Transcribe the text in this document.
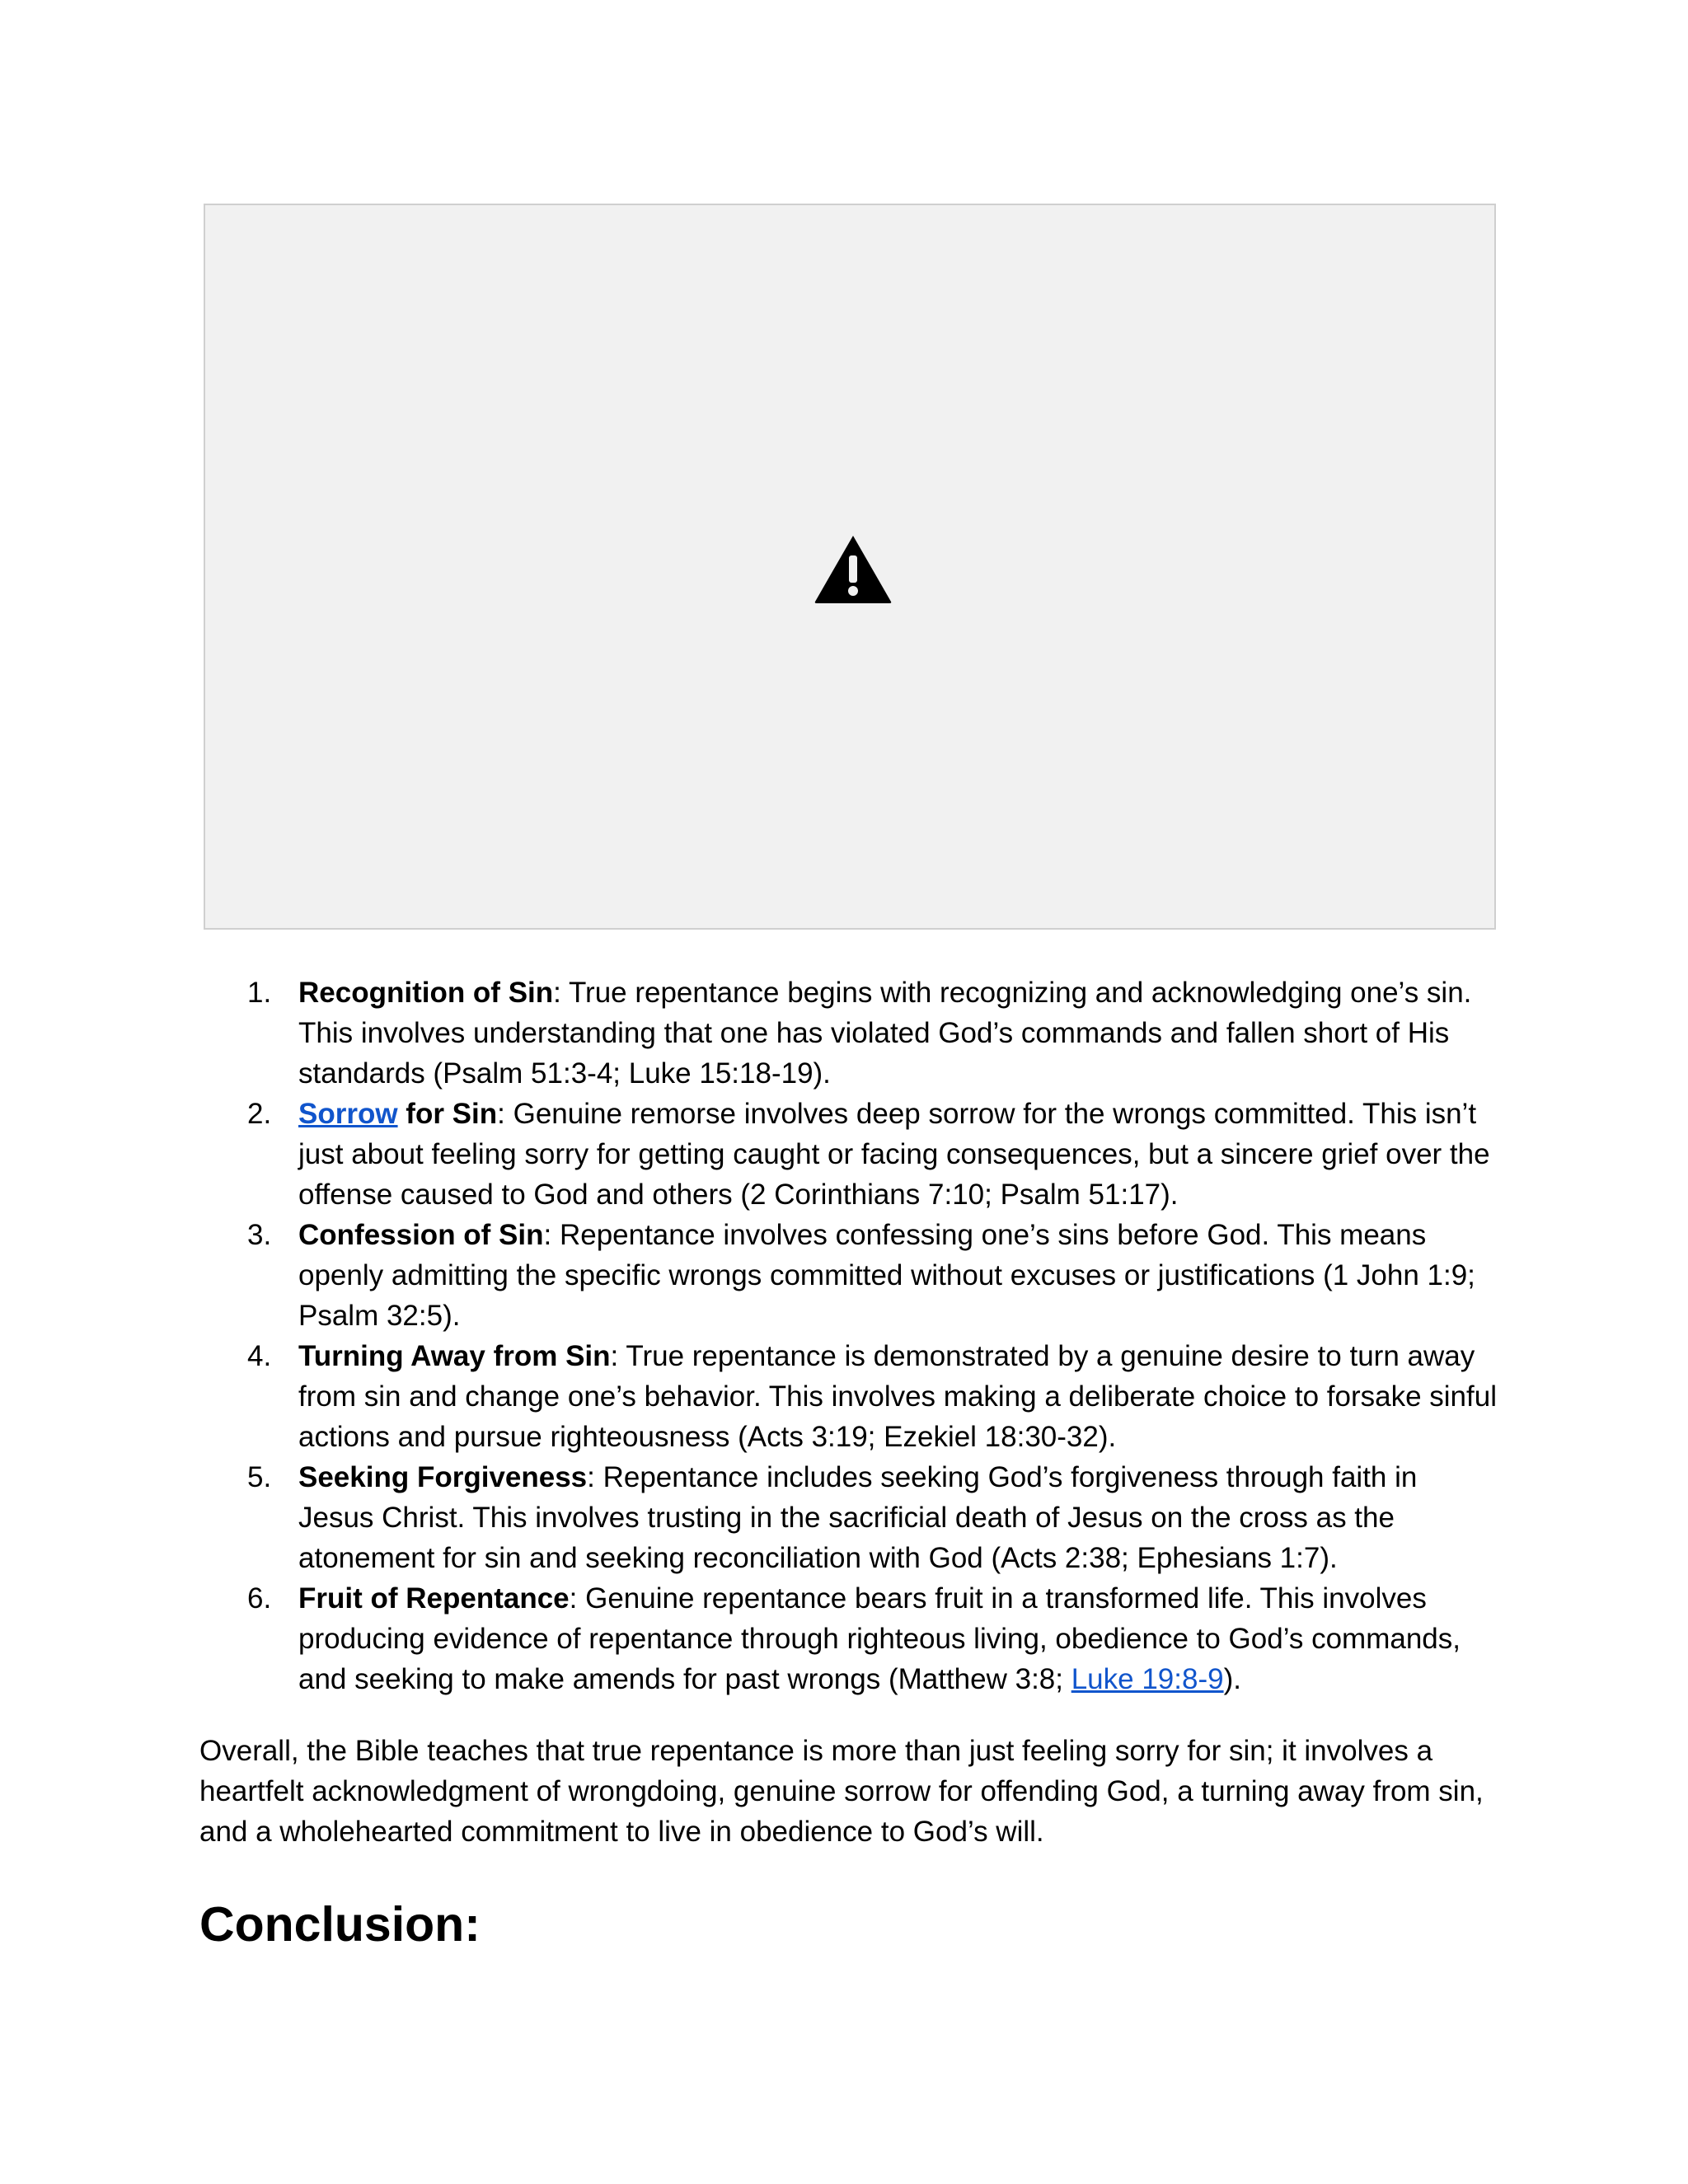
1. Recognition of Sin: True repentance begins with recognizing and acknowledging one’s sin. This involves understanding that one has violated God’s commands and fallen short of His standards (Psalm 51:3-4; Luke 15:18-19).
2. Sorrow for Sin: Genuine remorse involves deep sorrow for the wrongs committed. This isn’t just about feeling sorry for getting caught or facing consequences, but a sincere grief over the offense caused to God and others (2 Corinthians 7:10; Psalm 51:17).
3. Confession of Sin: Repentance involves confessing one’s sins before God. This means openly admitting the specific wrongs committed without excuses or justifications (1 John 1:9; Psalm 32:5).
4. Turning Away from Sin: True repentance is demonstrated by a genuine desire to turn away from sin and change one’s behavior. This involves making a deliberate choice to forsake sinful actions and pursue righteousness (Acts 3:19; Ezekiel 18:30-32).
5. Seeking Forgiveness: Repentance includes seeking God’s forgiveness through faith in Jesus Christ. This involves trusting in the sacrificial death of Jesus on the cross as the atonement for sin and seeking reconciliation with God (Acts 2:38; Ephesians 1:7).
6. Fruit of Repentance: Genuine repentance bears fruit in a transformed life. This involves producing evidence of repentance through righteous living, obedience to God’s commands, and seeking to make amends for past wrongs (Matthew 3:8; Luke 19:8-9).

Overall, the Bible teaches that true repentance is more than just feeling sorry for sin; it involves a heartfelt acknowledgment of wrongdoing, genuine sorrow for offending God, a turning away from sin, and a wholehearted commitment to live in obedience to God’s will.

Conclusion:
